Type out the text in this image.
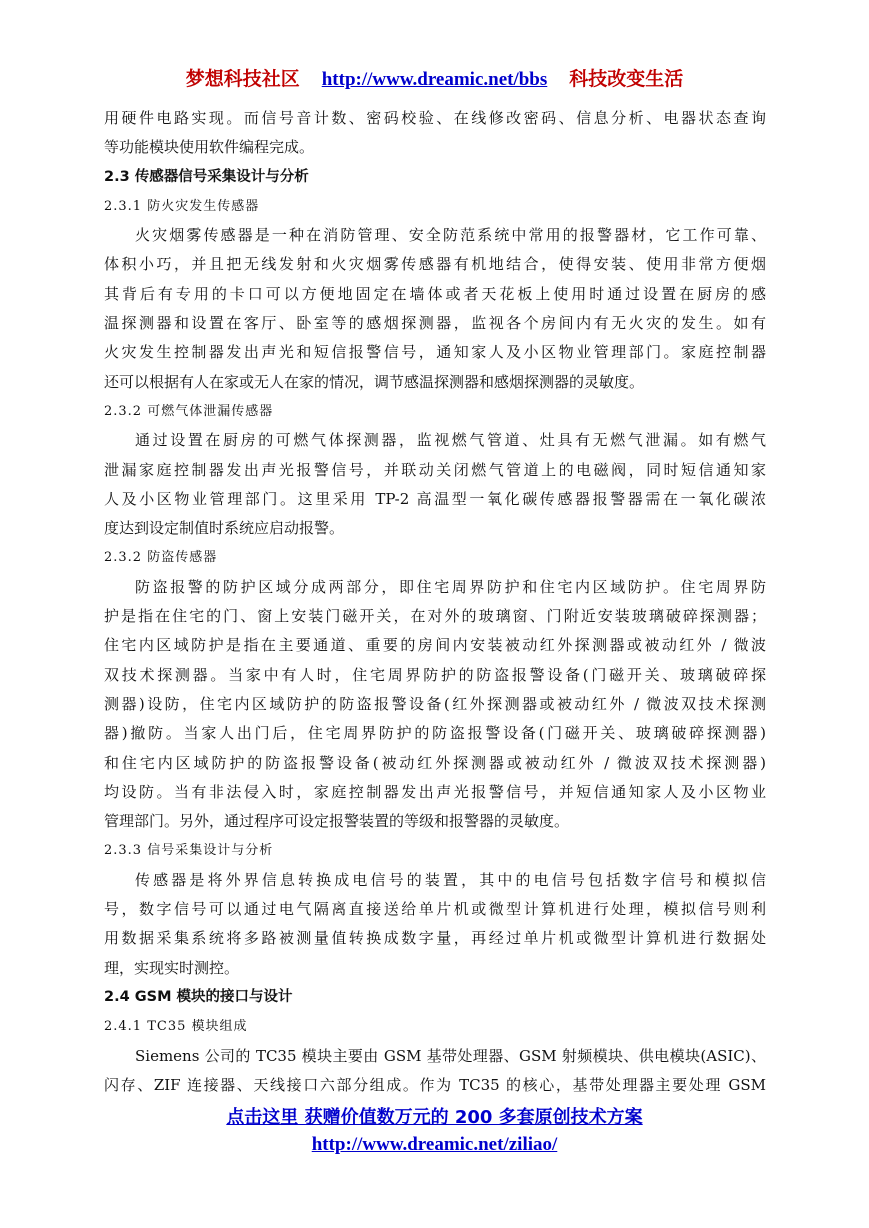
梦想科技社区 http://www.dreamic.net/bbs 科技改变生活
用硬件电路实现。而信号音计数、密码校验、在线修改密码、信息分析、电器状态查询
等功能模块使用软件编程完成。
2.3 传感器信号采集设计与分析
2.3.1 防火灾发生传感器
火灾烟雾传感器是一种在消防管理、安全防范系统中常用的报警器材，它工作可靠、
体积小巧，并且把无线发射和火灾烟雾传感器有机地结合，使得安装、使用非常方便烟
其背后有专用的卡口可以方便地固定在墙体或者天花板上使用时通过设置在厨房的感
温探测器和设置在客厅、卧室等的感烟探测器，监视各个房间内有无火灾的发生。如有
火灾发生控制器发出声光和短信报警信号，通知家人及小区物业管理部门。家庭控制器
还可以根据有人在家或无人在家的情况，调节感温探测器和感烟探测器的灵敏度。
2.3.2 可燃气体泄漏传感器
通过设置在厨房的可燃气体探测器，监视燃气管道、灶具有无燃气泄漏。如有燃气
泄漏家庭控制器发出声光报警信号，并联动关闭燃气管道上的电磁阀，同时短信通知家
人及小区物业管理部门。这里采用 TP-2 高温型一氧化碳传感器报警器需在一氧化碳浓
度达到设定制值时系统应启动报警。
2.3.2 防盗传感器
防盗报警的防护区域分成两部分，即住宅周界防护和住宅内区域防护。住宅周界防
护是指在住宅的门、窗上安装门磁开关，在对外的玻璃窗、门附近安装玻璃破碎探测器；
住宅内区域防护是指在主要通道、重要的房间内安装被动红外探测器或被动红外 / 微波
双技术探测器。当家中有人时，住宅周界防护的防盗报警设备(门磁开关、玻璃破碎探
测器)设防，住宅内区域防护的防盗报警设备(红外探测器或被动红外 / 微波双技术探测
器)撤防。当家人出门后，住宅周界防护的防盗报警设备(门磁开关、玻璃破碎探测器)
和住宅内区域防护的防盗报警设备(被动红外探测器或被动红外 / 微波双技术探测器)
均设防。当有非法侵入时，家庭控制器发出声光报警信号，并短信通知家人及小区物业
管理部门。另外，通过程序可设定报警装置的等级和报警器的灵敏度。
2.3.3 信号采集设计与分析
传感器是将外界信息转换成电信号的装置，其中的电信号包括数字信号和模拟信
号，数字信号可以通过电气隔离直接送给单片机或微型计算机进行处理，模拟信号则利
用数据采集系统将多路被测量值转换成数字量，再经过单片机或微型计算机进行数据处
理，实现实时测控。
2.4 GSM 模块的接口与设计
2.4.1 TC35 模块组成
Siemens 公司的 TC35 模块主要由 GSM 基带处理器、GSM 射频模块、供电模块(ASIC)、
闪存、ZIF 连接器、天线接口六部分组成。作为 TC35 的核心，基带处理器主要处理 GSM
点击这里 获赠价值数万元的 200 多套原创技术方案
http://www.dreamic.net/ziliao/
